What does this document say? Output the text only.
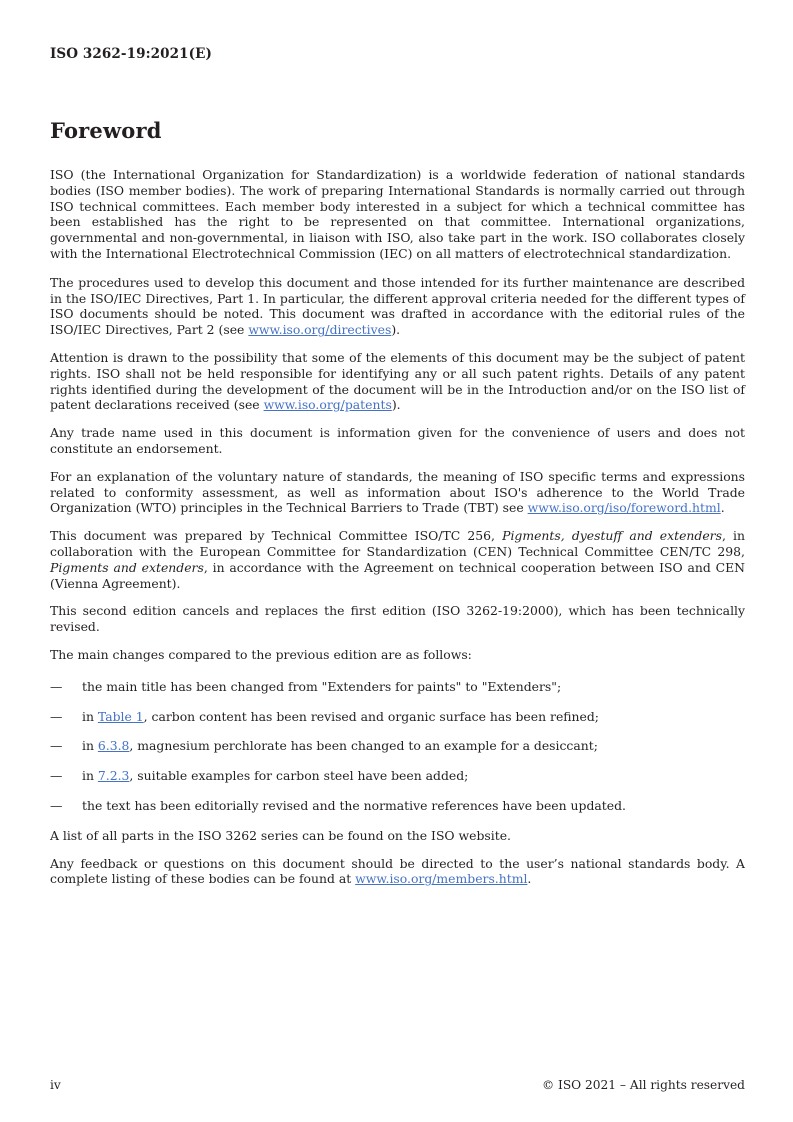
ISO 3262-19:2021(E)

Foreword

ISO (the International Organization for Standardization) is a worldwide federation of national standards bodies (ISO member bodies). The work of preparing International Standards is normally carried out through ISO technical committees. Each member body interested in a subject for which a technical committee has been established has the right to be represented on that committee. International organizations, governmental and non-governmental, in liaison with ISO, also take part in the work. ISO collaborates closely with the International Electrotechnical Commission (IEC) on all matters of electrotechnical standardization.

The procedures used to develop this document and those intended for its further maintenance are described in the ISO/IEC Directives, Part 1. In particular, the different approval criteria needed for the different types of ISO documents should be noted. This document was drafted in accordance with the editorial rules of the ISO/IEC Directives, Part 2 (see www.iso.org/directives).

Attention is drawn to the possibility that some of the elements of this document may be the subject of patent rights. ISO shall not be held responsible for identifying any or all such patent rights. Details of any patent rights identified during the development of the document will be in the Introduction and/or on the ISO list of patent declarations received (see www.iso.org/patents).

Any trade name used in this document is information given for the convenience of users and does not constitute an endorsement.

For an explanation of the voluntary nature of standards, the meaning of ISO specific terms and expressions related to conformity assessment, as well as information about ISO's adherence to the World Trade Organization (WTO) principles in the Technical Barriers to Trade (TBT) see www.iso.org/iso/foreword.html.

This document was prepared by Technical Committee ISO/TC 256, Pigments, dyestuff and extenders, in collaboration with the European Committee for Standardization (CEN) Technical Committee CEN/TC 298, Pigments and extenders, in accordance with the Agreement on technical cooperation between ISO and CEN (Vienna Agreement).

This second edition cancels and replaces the first edition (ISO 3262-19:2000), which has been technically revised.

The main changes compared to the previous edition are as follows:

—	the main title has been changed from "Extenders for paints" to "Extenders";
—	in Table 1, carbon content has been revised and organic surface has been refined;
—	in 6.3.8, magnesium perchlorate has been changed to an example for a desiccant;
—	in 7.2.3, suitable examples for carbon steel have been added;
—	the text has been editorially revised and the normative references have been updated.

A list of all parts in the ISO 3262 series can be found on the ISO website.

Any feedback or questions on this document should be directed to the user’s national standards body. A complete listing of these bodies can be found at www.iso.org/members.html.

iv	© ISO 2021 – All rights reserved
